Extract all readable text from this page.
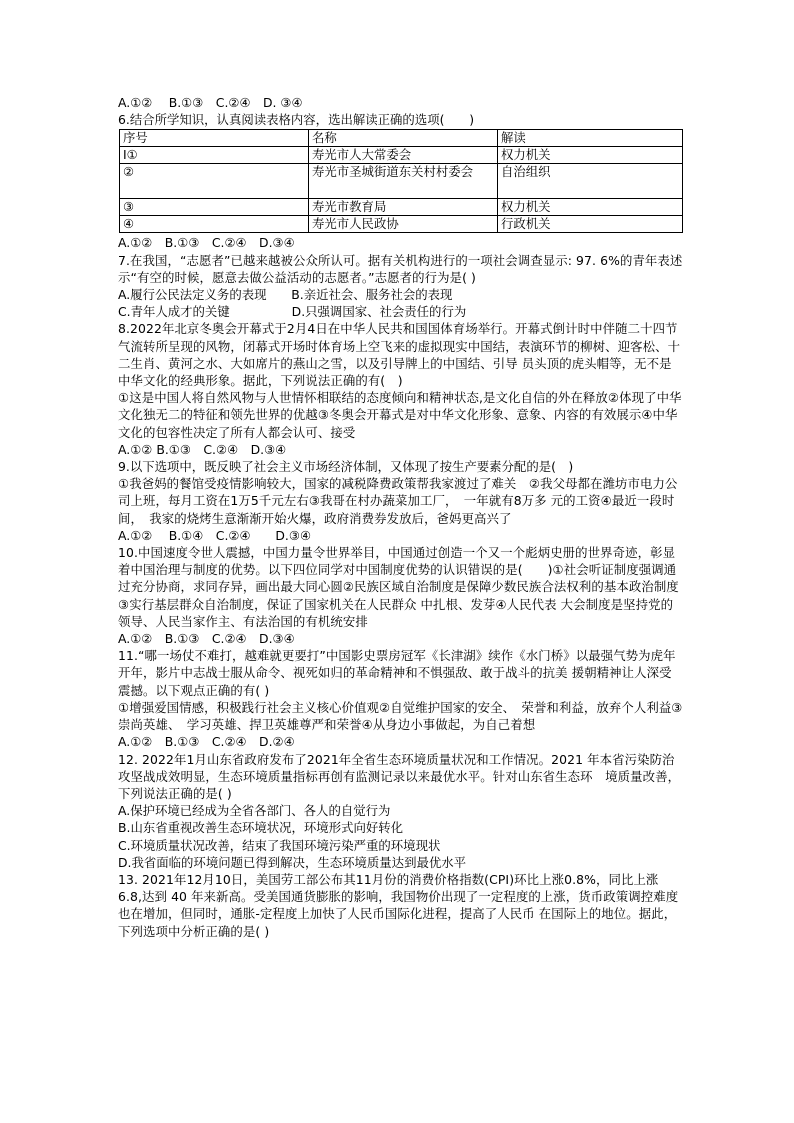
A.①②　 B.①③　C.②④　D. ③④
6.结合所学知识，认真阅读表格内容，选出解读正确的选项(　　)
序号	名称	解读
I①	寿光市人大常委会	权力机关
②	寿光市圣城街道东关村村委会	自治组织
③	寿光市教育局	权力机关
④	寿光市人民政协	行政机关
A.①②　B.①③　C.②④　D.③④
7.在我国，“志愿者”已越来越被公众所认可。据有关机构进行的一项社会调查显示: 97. 6%的青年表述示“有空的时候，愿意去做公益活动的志愿者。”志愿者的行为是( )
A.履行公民法定义务的表现　　B.亲近社会、服务社会的表现
C.青年人成才的关键　　　　　D.只强调国家、社会责任的行为
8.2022年北京冬奥会开幕式于2月4日在中华人民共和国国体育场举行。开幕式倒计时中伴随二十四节气流转所呈现的风物，闭幕式开场时体育场上空飞来的虚拟现实中国结，表演环节的柳树、迎客松、十二生肖、黄河之水、大如席片的燕山之雪，以及引导牌上的中国结、引导 员头顶的虎头帽等，无不是中华文化的经典形象。据此，下列说法正确的有(　)
①这是中国人将自然风物与人世情怀相联结的态度倾向和精神状态,是文化自信的外在释放②体现了中华文化独无二的特征和领先世界的优越③冬奥会开幕式是对中华文化形象、意象、内容的有效展示④中华文化的包容性决定了所有人都会认可、接受
A.①② B.①③　C.②④　D.③④
9.以下选项中，既反映了社会主义市场经济体制，又体现了按生产要素分配的是(　)
①我爸妈的餐馆受疫情影响较大，国家的减税降费政策帮我家渡过了难关　②我父母都在潍坊市电力公司上班，每月工资在1万5千元左右③我哥在村办蔬菜加工厂，　一年就有8万多 元的工资④最近一段时间，　我家的烧烤生意渐渐开始火爆，政府消费券发放后，爸妈更高兴了
A.①②　 B.①④　C.②④　　D.③④
10.中国速度令世人震撼，中国力量令世界举目，中国通过创造一个又一个彪炳史册的世界奇迹，彰显着中国治理与制度的优势。以下四位同学对中国制度优势的认识错误的是(　　)①社会听证制度强调通过充分协商，求同存异，画出最大同心圆②民族区域自治制度是保障少数民族合法权利的基本政治制度③实行基层群众自治制度，保证了国家机关在人民群众 中扎根、发芽④人民代表 大会制度是坚持党的领导、人民当家作主、有法治国的有机统安排
A.①②　B.①③　C.②④　D.③④
11.“哪一场仗不难打，越难就更要打”中国影史票房冠军《长津湖》续作《水门桥》以最强气势为虎年开年，影片中志战士服从命令、视死如归的革命精神和不惧强敌、敢于战斗的抗美 援朝精神让人深受震撼。以下观点正确的有( )
①增强爱国情感，积极践行社会主义核心价值观②自觉维护国家的安全、　荣誉和利益，放弃个人利益③崇尚英雄、　学习英雄、捍卫英雄尊严和荣誉④从身边小事做起，为自己着想
A.①②　B.①③　C.②④　D.②④
12. 2022年1月山东省政府发布了2021年全省生态环境质量状况和工作情况。2021 年本省污染防治攻坚战成效明显，生态环境质量指标再创有监测记录以来最优水平。针对山东省生态环　境质量改善，下列说法正确的是( )
A.保护环境已经成为全省各部门、各人的自觉行为
B.山东省重视改善生态环境状况，环境形式向好转化
C.环境质量状况改善，结束了我国环境污染严重的环境现状
D.我省面临的环境问题已得到解决，生态环境质量达到最优水平
13. 2021年12月10日，美国劳工部公布其11月份的消费价格指数(CPI)环比上涨0.8%，同比上涨 6.8,达到 40 年来新高。受美国通货膨胀的影响，我国物价出现了一定程度的上涨，货币政策调控难度也在增加，但同时，通胀-定程度上加快了人民币国际化进程，提高了人民币 在国际上的地位。据此，下列选项中分析正确的是( )
